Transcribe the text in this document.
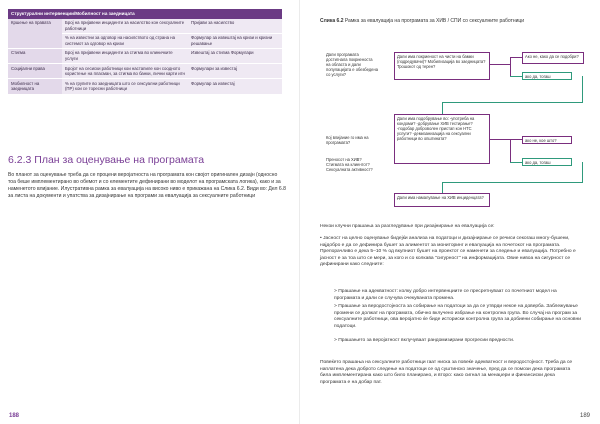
Структурални интервенции/Мобилност на заедницата		
Кршење на правата	Број на пријавени инциденти за насилство кон сексуалните работници	Пријави за насилство
	% на известни за одговор на насилството од страна на системот за одговор на кризи	Формулар за извештај на кризи и кризни решавање
Стигма	Број на пријавени инциденти за стигма во клиничките услуги	Извештај за стигма Формулари
Социјални права	Бројот на сесиски работници кои настапиле кон соодното користење на пласман, за стигма во банки, лични карти итн	Формулари за известај
Мобилност на заедницата	% на групите во заедницата што се сексуални работници (ПР) кои се торесни работници	Формулар за известај
6.2.3 План за оценување на програмата
Во планот за оценување треба да се процени веројатноста на програмата кон својот оригинален дизајн (односно тоа беше имплементирано во обемот и со елементите дефинирани во моделот на програмската логика), како и за наменетото влијание. Илустративна рамка за евалуација на високо ниво е прикажана на Слика 6.2. Види во: Дел 6.8 за листа на документи и упатства за дизајнирање на програми за евалуација за сексуалните работници
188
Слика 6.2 Рамка за евалуација на програмата за ХИВ / СПИ со сексуалните работници
Дали програмата достигнала покриеноста на областа и дали популацијата е обезбедена со услуги?
Кој влијание го има на програмата?
Преносот на ХИВ? Стигмата на клиентот? Сексуалната активност?
Дали има покриеност на чисти на бамки (подредувачи)? Мобилизација во заедницата? Трошокот од терен?
Дали има подобрување во: -употреба на кондоми? -добрување ХИВ тестирање? -подобар доброволен пристап кон НТС услуги? -демизанизација на сексуални работници во општината?
Дали има намалување на ХИВ инциденцата?
Ако не, како да се подобри?
ако да, тогаш
ако не, кое што?
ако да, тогаш
Некои клучни прашања за разгледување при дизајнирање на евалуација се:
• Јасност на целно оценување бидејќи анализа на податоци и дизајнирање се речиси секогаш многу-бушени, најдобро е да се дефинира бушет за алиментот за мониторинг и евалуација на почетокот на програмата. Препорачливо е дека 5–10 % од вкупниот бушет на проектот се наменети за следење и евалуација. Потребно е јасност е за тоа што се мери, за кого и со колкава "сигурност" на информацијата. Овие нивоа на сигурност се дефинирани како следните:
> Прашање на адекватност: колку добро интервенциите се пресретнуваат со почетниот модел на програмата и дали се случува очекуваната промена.
> Прашање за веродостојноста за собирање на податоци за да се утврди некое на доверба. Заблежување промени се должат на програмата, обично вклучено избрање на контролна група. Во случај на програм за сексуалните работници, ова веројатно ќе биде историски контролна група за добиени собирање на основни податоци.
> Прашањето за веројатност вклучуваат рандомизирани прогресии вредности.
Повеќето прашања на сексуалните работници гаат ниска за повеќе адекватност и веродостојност. Треба да се наплатена дека доброто следење на податоци се од суштинско значење, пред да се помози дека програмата била имплементирана како што било планирано, и второ: како сигнал за менаџери и финансиски дека програмата е на добар пат.
189
